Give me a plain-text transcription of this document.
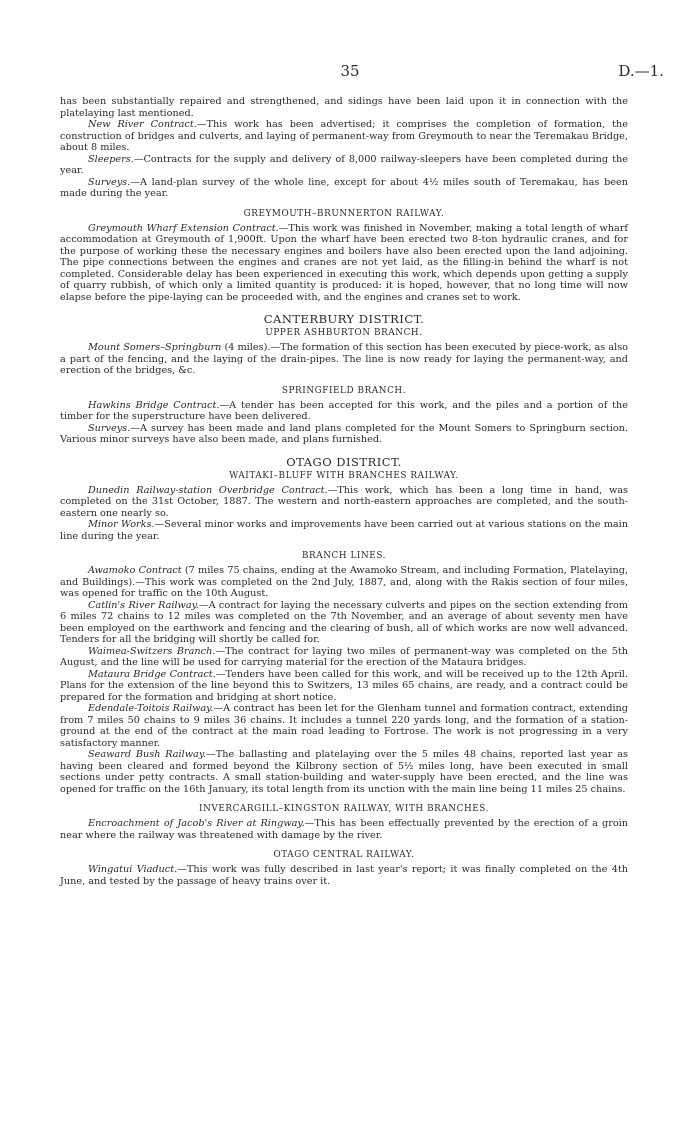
35	D.—1.

has been substantially repaired and strengthened, and sidings have been laid upon it in connection with the platelaying last mentioned.

New River Contract.—This work has been advertised; it comprises the completion of formation, the construction of bridges and culverts, and laying of permanent-way from Greymouth to near the Teremakau Bridge, about 8 miles.

Sleepers.—Contracts for the supply and delivery of 8,000 railway-sleepers have been completed during the year.

Surveys.—A land-plan survey of the whole line, except for about 4½ miles south of Teremakau, has been made during the year.

GREYMOUTH–BRUNNERTON RAILWAY.

Greymouth Wharf Extension Contract.—This work was finished in November, making a total length of wharf accommodation at Greymouth of 1,900ft. Upon the wharf have been erected two 8-ton hydraulic cranes, and for the purpose of working these the necessary engines and boilers have also been erected upon the land adjoining. The pipe connections between the engines and cranes are not yet laid, as the filling-in behind the wharf is not completed. Considerable delay has been experienced in executing this work, which depends upon getting a supply of quarry rubbish, of which only a limited quantity is produced: it is hoped, however, that no long time will now elapse before the pipe-laying can be proceeded with, and the engines and cranes set to work.

CANTERBURY DISTRICT.
UPPER ASHBURTON BRANCH.

Mount Somers–Springburn (4 miles).—The formation of this section has been executed by piece-work, as also a part of the fencing, and the laying of the drain-pipes. The line is now ready for laying the permanent-way, and erection of the bridges, &c.

SPRINGFIELD BRANCH.

Hawkins Bridge Contract.—A tender has been accepted for this work, and the piles and a portion of the timber for the superstructure have been delivered.

Surveys.—A survey has been made and land plans completed for the Mount Somers to Springburn section. Various minor surveys have also been made, and plans furnished.

OTAGO DISTRICT.
WAITAKI–BLUFF WITH BRANCHES RAILWAY.

Dunedin Railway-station Overbridge Contract.—This work, which has been a long time in hand, was completed on the 31st October, 1887. The western and north-eastern approaches are completed, and the south-eastern one nearly so.

Minor Works.—Several minor works and improvements have been carried out at various stations on the main line during the year.

BRANCH LINES.

Awamoko Contract (7 miles 75 chains, ending at the Awamoko Stream, and including Formation, Platelaying, and Buildings).—This work was completed on the 2nd July, 1887, and, along with the Rakis section of four miles, was opened for traffic on the 10th August.

Catlin's River Railway.—A contract for laying the necessary culverts and pipes on the section extending from 6 miles 72 chains to 12 miles was completed on the 7th November, and an average of about seventy men have been employed on the earthwork and fencing and the clearing of bush, all of which works are now well advanced. Tenders for all the bridging will shortly be called for.

Waimea-Switzers Branch.—The contract for laying two miles of permanent-way was completed on the 5th August, and the line will be used for carrying material for the erection of the Mataura bridges.

Mataura Bridge Contract.—Tenders have been called for this work, and will be received up to the 12th April. Plans for the extension of the line beyond this to Switzers, 13 miles 65 chains, are ready, and a contract could be prepared for the formation and bridging at short notice.

Edendale-Toitois Railway.—A contract has been let for the Glenham tunnel and formation contract, extending from 7 miles 50 chains to 9 miles 36 chains. It includes a tunnel 220 yards long, and the formation of a station-ground at the end of the contract at the main road leading to Fortrose. The work is not progressing in a very satisfactory manner.

Seaward Bush Railway.—The ballasting and platelaying over the 5 miles 48 chains, reported last year as having been cleared and formed beyond the Kilbrony section of 5½ miles long, have been executed in small sections under petty contracts. A small station-building and water-supply have been erected, and the line was opened for traffic on the 16th January, its total length from its unction with the main line being 11 miles 25 chains.

INVERCARGILL–KINGSTON RAILWAY, WITH BRANCHES.

Encroachment of Jacob's River at Ringway.—This has been effectually prevented by the erection of a groin near where the railway was threatened with damage by the river.

OTAGO CENTRAL RAILWAY.

Wingatui Viaduct.—This work was fully described in last year's report; it was finally completed on the 4th June, and tested by the passage of heavy trains over it.
